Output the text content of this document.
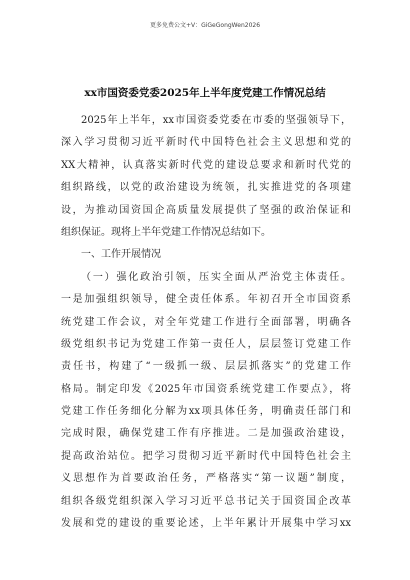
更多免费公文+V：GiGeGongWen2026
xx市国资委党委2025年上半年度党建工作情况总结
2025年上半年，xx市国资委党委在市委的坚强领导下，
深入学习贯彻习近平新时代中国特色社会主义思想和党的
XX大精神，认真落实新时代党的建设总要求和新时代党的
组织路线，以党的政治建设为统领，扎实推进党的各项建
设，为推动国资国企高质量发展提供了坚强的政治保证和
组织保证。现将上半年党建工作情况总结如下。
一、工作开展情况
（一）强化政治引领，压实全面从严治党主体责任。
一是加强组织领导，健全责任体系。年初召开全市国资系
统党建工作会议，对全年党建工作进行全面部署，明确各
级党组织书记为党建工作第一责任人，层层签订党建工作
责任书，构建了“一级抓一级、层层抓落实”的党建工作
格局。制定印发《2025年市国资系统党建工作要点》，将
党建工作任务细化分解为xx项具体任务，明确责任部门和
完成时限，确保党建工作有序推进。二是加强政治建设，
提高政治站位。把学习贯彻习近平新时代中国特色社会主
义思想作为首要政治任务，严格落实“第一议题”制度，
组织各级党组织深入学习习近平总书记关于国资国企改革
发展和党的建设的重要论述，上半年累计开展集中学习xx
